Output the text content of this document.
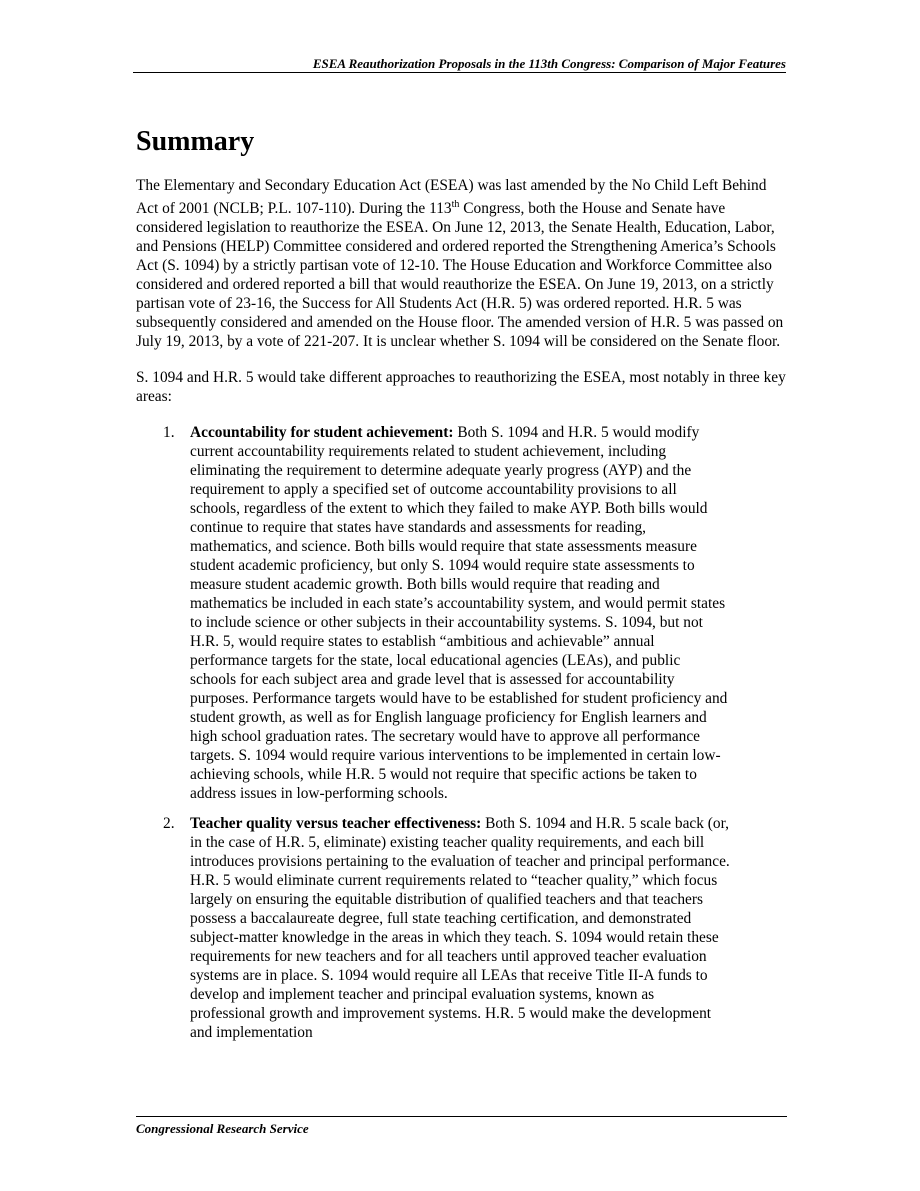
ESEA Reauthorization Proposals in the 113th Congress: Comparison of Major Features
Summary

The Elementary and Secondary Education Act (ESEA) was last amended by the No Child Left Behind Act of 2001 (NCLB; P.L. 107-110). During the 113th Congress, both the House and Senate have considered legislation to reauthorize the ESEA. On June 12, 2013, the Senate Health, Education, Labor, and Pensions (HELP) Committee considered and ordered reported the Strengthening America’s Schools Act (S. 1094) by a strictly partisan vote of 12-10. The House Education and Workforce Committee also considered and ordered reported a bill that would reauthorize the ESEA. On June 19, 2013, on a strictly partisan vote of 23-16, the Success for All Students Act (H.R. 5) was ordered reported. H.R. 5 was subsequently considered and amended on the House floor. The amended version of H.R. 5 was passed on July 19, 2013, by a vote of 221-207. It is unclear whether S. 1094 will be considered on the Senate floor.

S. 1094 and H.R. 5 would take different approaches to reauthorizing the ESEA, most notably in three key areas:

1. Accountability for student achievement: Both S. 1094 and H.R. 5 would modify current accountability requirements related to student achievement, including eliminating the requirement to determine adequate yearly progress (AYP) and the requirement to apply a specified set of outcome accountability provisions to all schools, regardless of the extent to which they failed to make AYP. Both bills would continue to require that states have standards and assessments for reading, mathematics, and science. Both bills would require that state assessments measure student academic proficiency, but only S. 1094 would require state assessments to measure student academic growth. Both bills would require that reading and mathematics be included in each state’s accountability system, and would permit states to include science or other subjects in their accountability systems. S. 1094, but not H.R. 5, would require states to establish “ambitious and achievable” annual performance targets for the state, local educational agencies (LEAs), and public schools for each subject area and grade level that is assessed for accountability purposes. Performance targets would have to be established for student proficiency and student growth, as well as for English language proficiency for English learners and high school graduation rates. The secretary would have to approve all performance targets. S. 1094 would require various interventions to be implemented in certain low-achieving schools, while H.R. 5 would not require that specific actions be taken to address issues in low-performing schools.
2. Teacher quality versus teacher effectiveness: Both S. 1094 and H.R. 5 scale back (or, in the case of H.R. 5, eliminate) existing teacher quality requirements, and each bill introduces provisions pertaining to the evaluation of teacher and principal performance. H.R. 5 would eliminate current requirements related to “teacher quality,” which focus largely on ensuring the equitable distribution of qualified teachers and that teachers possess a baccalaureate degree, full state teaching certification, and demonstrated subject-matter knowledge in the areas in which they teach. S. 1094 would retain these requirements for new teachers and for all teachers until approved teacher evaluation systems are in place. S. 1094 would require all LEAs that receive Title II-A funds to develop and implement teacher and principal evaluation systems, known as professional growth and improvement systems. H.R. 5 would make the development and implementation
Congressional Research Service
